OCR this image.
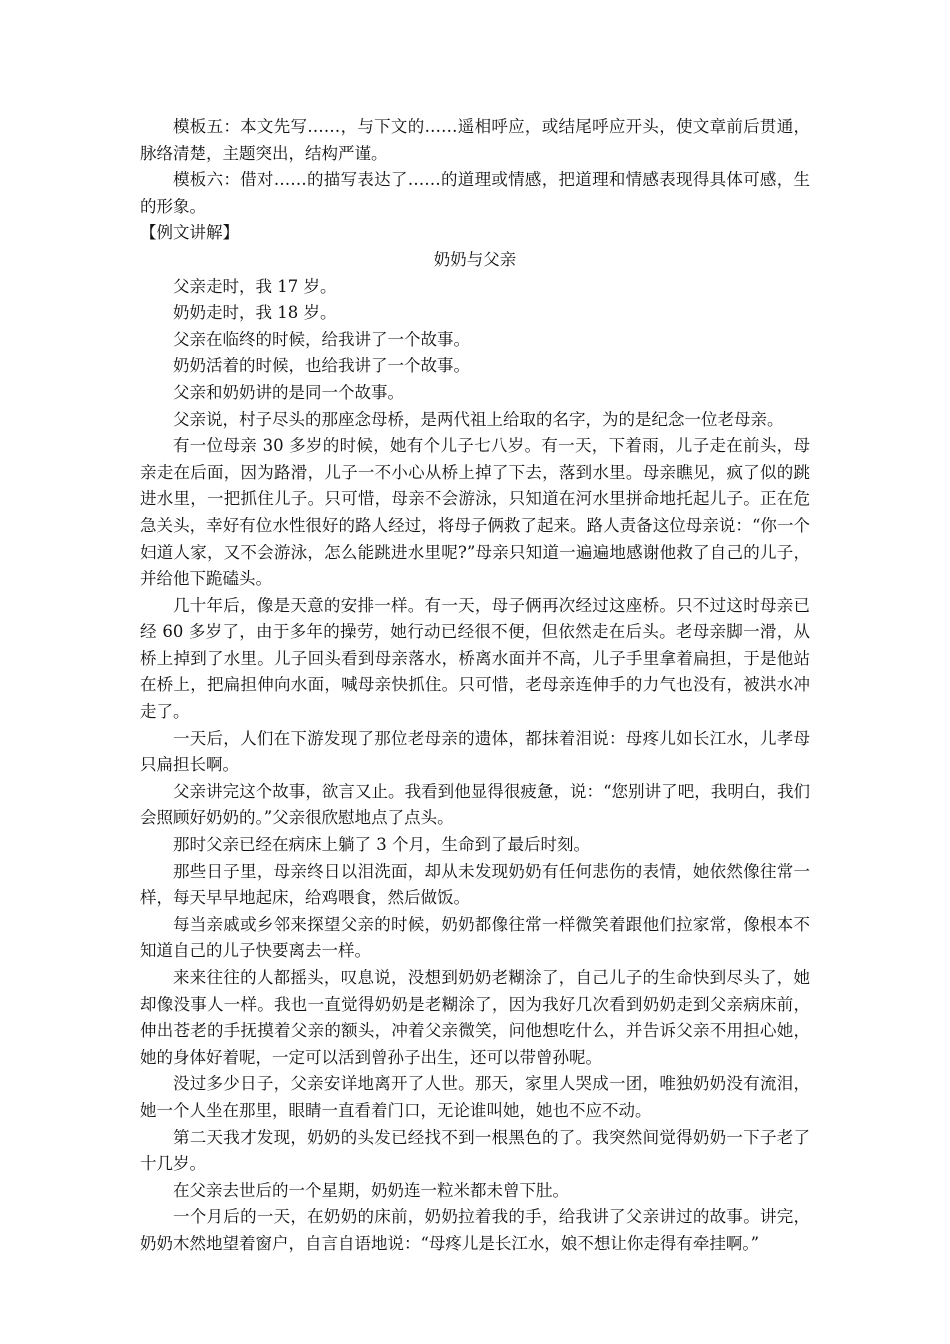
模板五：本文先写……，与下文的……遥相呼应，或结尾呼应开头，使文章前后贯通，脉络清楚，主题突出，结构严谨。

模板六：借对……的描写表达了……的道理或情感，把道理和情感表现得具体可感，生的形象。

【例文讲解】

奶奶与父亲

父亲走时，我 17 岁。

奶奶走时，我 18 岁。

父亲在临终的时候，给我讲了一个故事。

奶奶活着的时候，也给我讲了一个故事。

父亲和奶奶讲的是同一个故事。

父亲说，村子尽头的那座念母桥，是两代祖上给取的名字，为的是纪念一位老母亲。

有一位母亲 30 多岁的时候，她有个儿子七八岁。有一天，下着雨，儿子走在前头，母亲走在后面，因为路滑，儿子一不小心从桥上掉了下去，落到水里。母亲瞧见，疯了似的跳进水里，一把抓住儿子。只可惜，母亲不会游泳，只知道在河水里拼命地托起儿子。正在危急关头，幸好有位水性很好的路人经过，将母子俩救了起来。路人责备这位母亲说：“你一个妇道人家，又不会游泳，怎么能跳进水里呢?”母亲只知道一遍遍地感谢他救了自己的儿子，并给他下跪磕头。

几十年后，像是天意的安排一样。有一天，母子俩再次经过这座桥。只不过这时母亲已经 60 多岁了，由于多年的操劳，她行动已经很不便，但依然走在后头。老母亲脚一滑，从桥上掉到了水里。儿子回头看到母亲落水，桥离水面并不高，儿子手里拿着扁担，于是他站在桥上，把扁担伸向水面，喊母亲快抓住。只可惜，老母亲连伸手的力气也没有，被洪水冲走了。

一天后，人们在下游发现了那位老母亲的遗体，都抹着泪说：母疼儿如长江水，儿孝母只扁担长啊。

父亲讲完这个故事，欲言又止。我看到他显得很疲惫，说：“您别讲了吧，我明白，我们会照顾好奶奶的。”父亲很欣慰地点了点头。

那时父亲已经在病床上躺了 3 个月，生命到了最后时刻。

那些日子里，母亲终日以泪洗面，却从未发现奶奶有任何悲伤的表情，她依然像往常一样，每天早早地起床，给鸡喂食，然后做饭。

每当亲戚或乡邻来探望父亲的时候，奶奶都像往常一样微笑着跟他们拉家常，像根本不知道自己的儿子快要离去一样。

来来往往的人都摇头，叹息说，没想到奶奶老糊涂了，自己儿子的生命快到尽头了，她却像没事人一样。我也一直觉得奶奶是老糊涂了，因为我好几次看到奶奶走到父亲病床前，伸出苍老的手抚摸着父亲的额头，冲着父亲微笑，问他想吃什么，并告诉父亲不用担心她，她的身体好着呢，一定可以活到曾孙子出生，还可以带曾孙呢。

没过多少日子，父亲安详地离开了人世。那天，家里人哭成一团，唯独奶奶没有流泪，她一个人坐在那里，眼睛一直看着门口，无论谁叫她，她也不应不动。

第二天我才发现，奶奶的头发已经找不到一根黑色的了。我突然间觉得奶奶一下子老了十几岁。

在父亲去世后的一个星期，奶奶连一粒米都未曾下肚。

一个月后的一天，在奶奶的床前，奶奶拉着我的手，给我讲了父亲讲过的故事。讲完，奶奶木然地望着窗户，自言自语地说：“母疼儿是长江水，娘不想让你走得有牵挂啊。”
